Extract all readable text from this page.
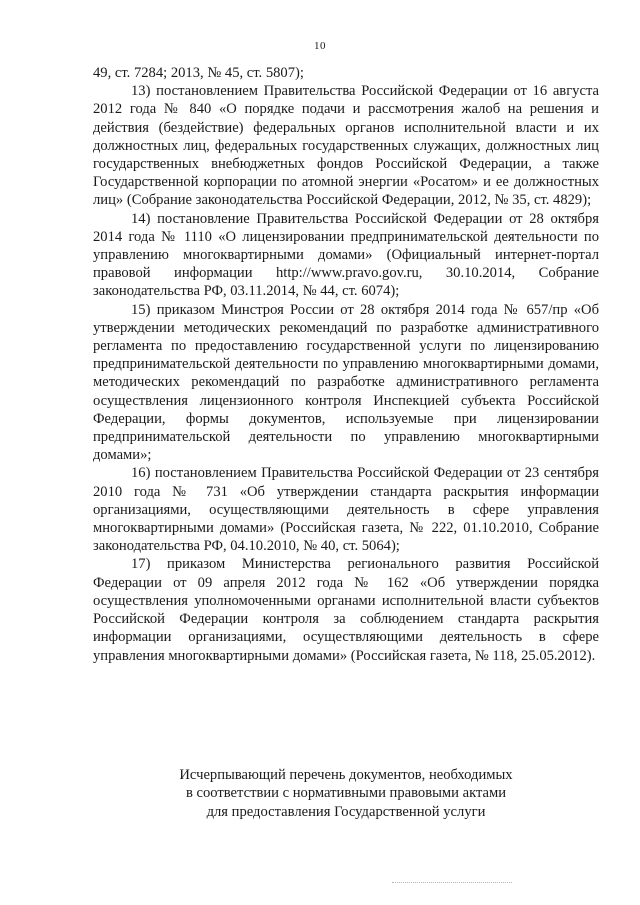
10

49, ст. 7284; 2013, № 45, ст. 5807);

13) постановлением Правительства Российской Федерации от 16 августа 2012 года № 840 «О порядке подачи и рассмотрения жалоб на решения и действия (бездействие) федеральных органов исполнительной власти и их должностных лиц, федеральных государственных служащих, должностных лиц государственных внебюджетных фондов Российской Федерации, а также Государственной корпорации по атомной энергии «Росатом» и ее должностных лиц» (Собрание законодательства Российской Федерации, 2012, № 35, ст. 4829);

14) постановление Правительства Российской Федерации от 28 октября 2014 года № 1110 «О лицензировании предпринимательской деятельности по управлению многоквартирными домами» (Официальный интернет-портал правовой информации http://www.pravo.gov.ru, 30.10.2014, Собрание законодательства РФ, 03.11.2014, № 44, ст. 6074);

15) приказом Минстроя России от 28 октября 2014 года № 657/пр «Об утверждении методических рекомендаций по разработке административного регламента по предоставлению государственной услуги по лицензированию предпринимательской деятельности по управлению многоквартирными домами, методических рекомендаций по разработке административного регламента осуществления лицензионного контроля Инспекцией субъекта Российской Федерации, формы документов, используемые при лицензировании предпринимательской деятельности по управлению многоквартирными домами»;

16) постановлением Правительства Российской Федерации от 23 сентября 2010 года № 731 «Об утверждении стандарта раскрытия информации организациями, осуществляющими деятельность в сфере управления многоквартирными домами» (Российская газета, № 222, 01.10.2010, Собрание законодательства РФ, 04.10.2010, № 40, ст. 5064);

17) приказом Министерства регионального развития Российской Федерации от 09 апреля 2012 года № 162 «Об утверждении порядка осуществления уполномоченными органами исполнительной власти субъектов Российской Федерации контроля за соблюдением стандарта раскрытия информации организациями, осуществляющими деятельность в сфере управления многоквартирными домами» (Российская газета, № 118, 25.05.2012).

Исчерпывающий перечень документов, необходимых
в соответствии с нормативными правовыми актами
для предоставления Государственной услуги
